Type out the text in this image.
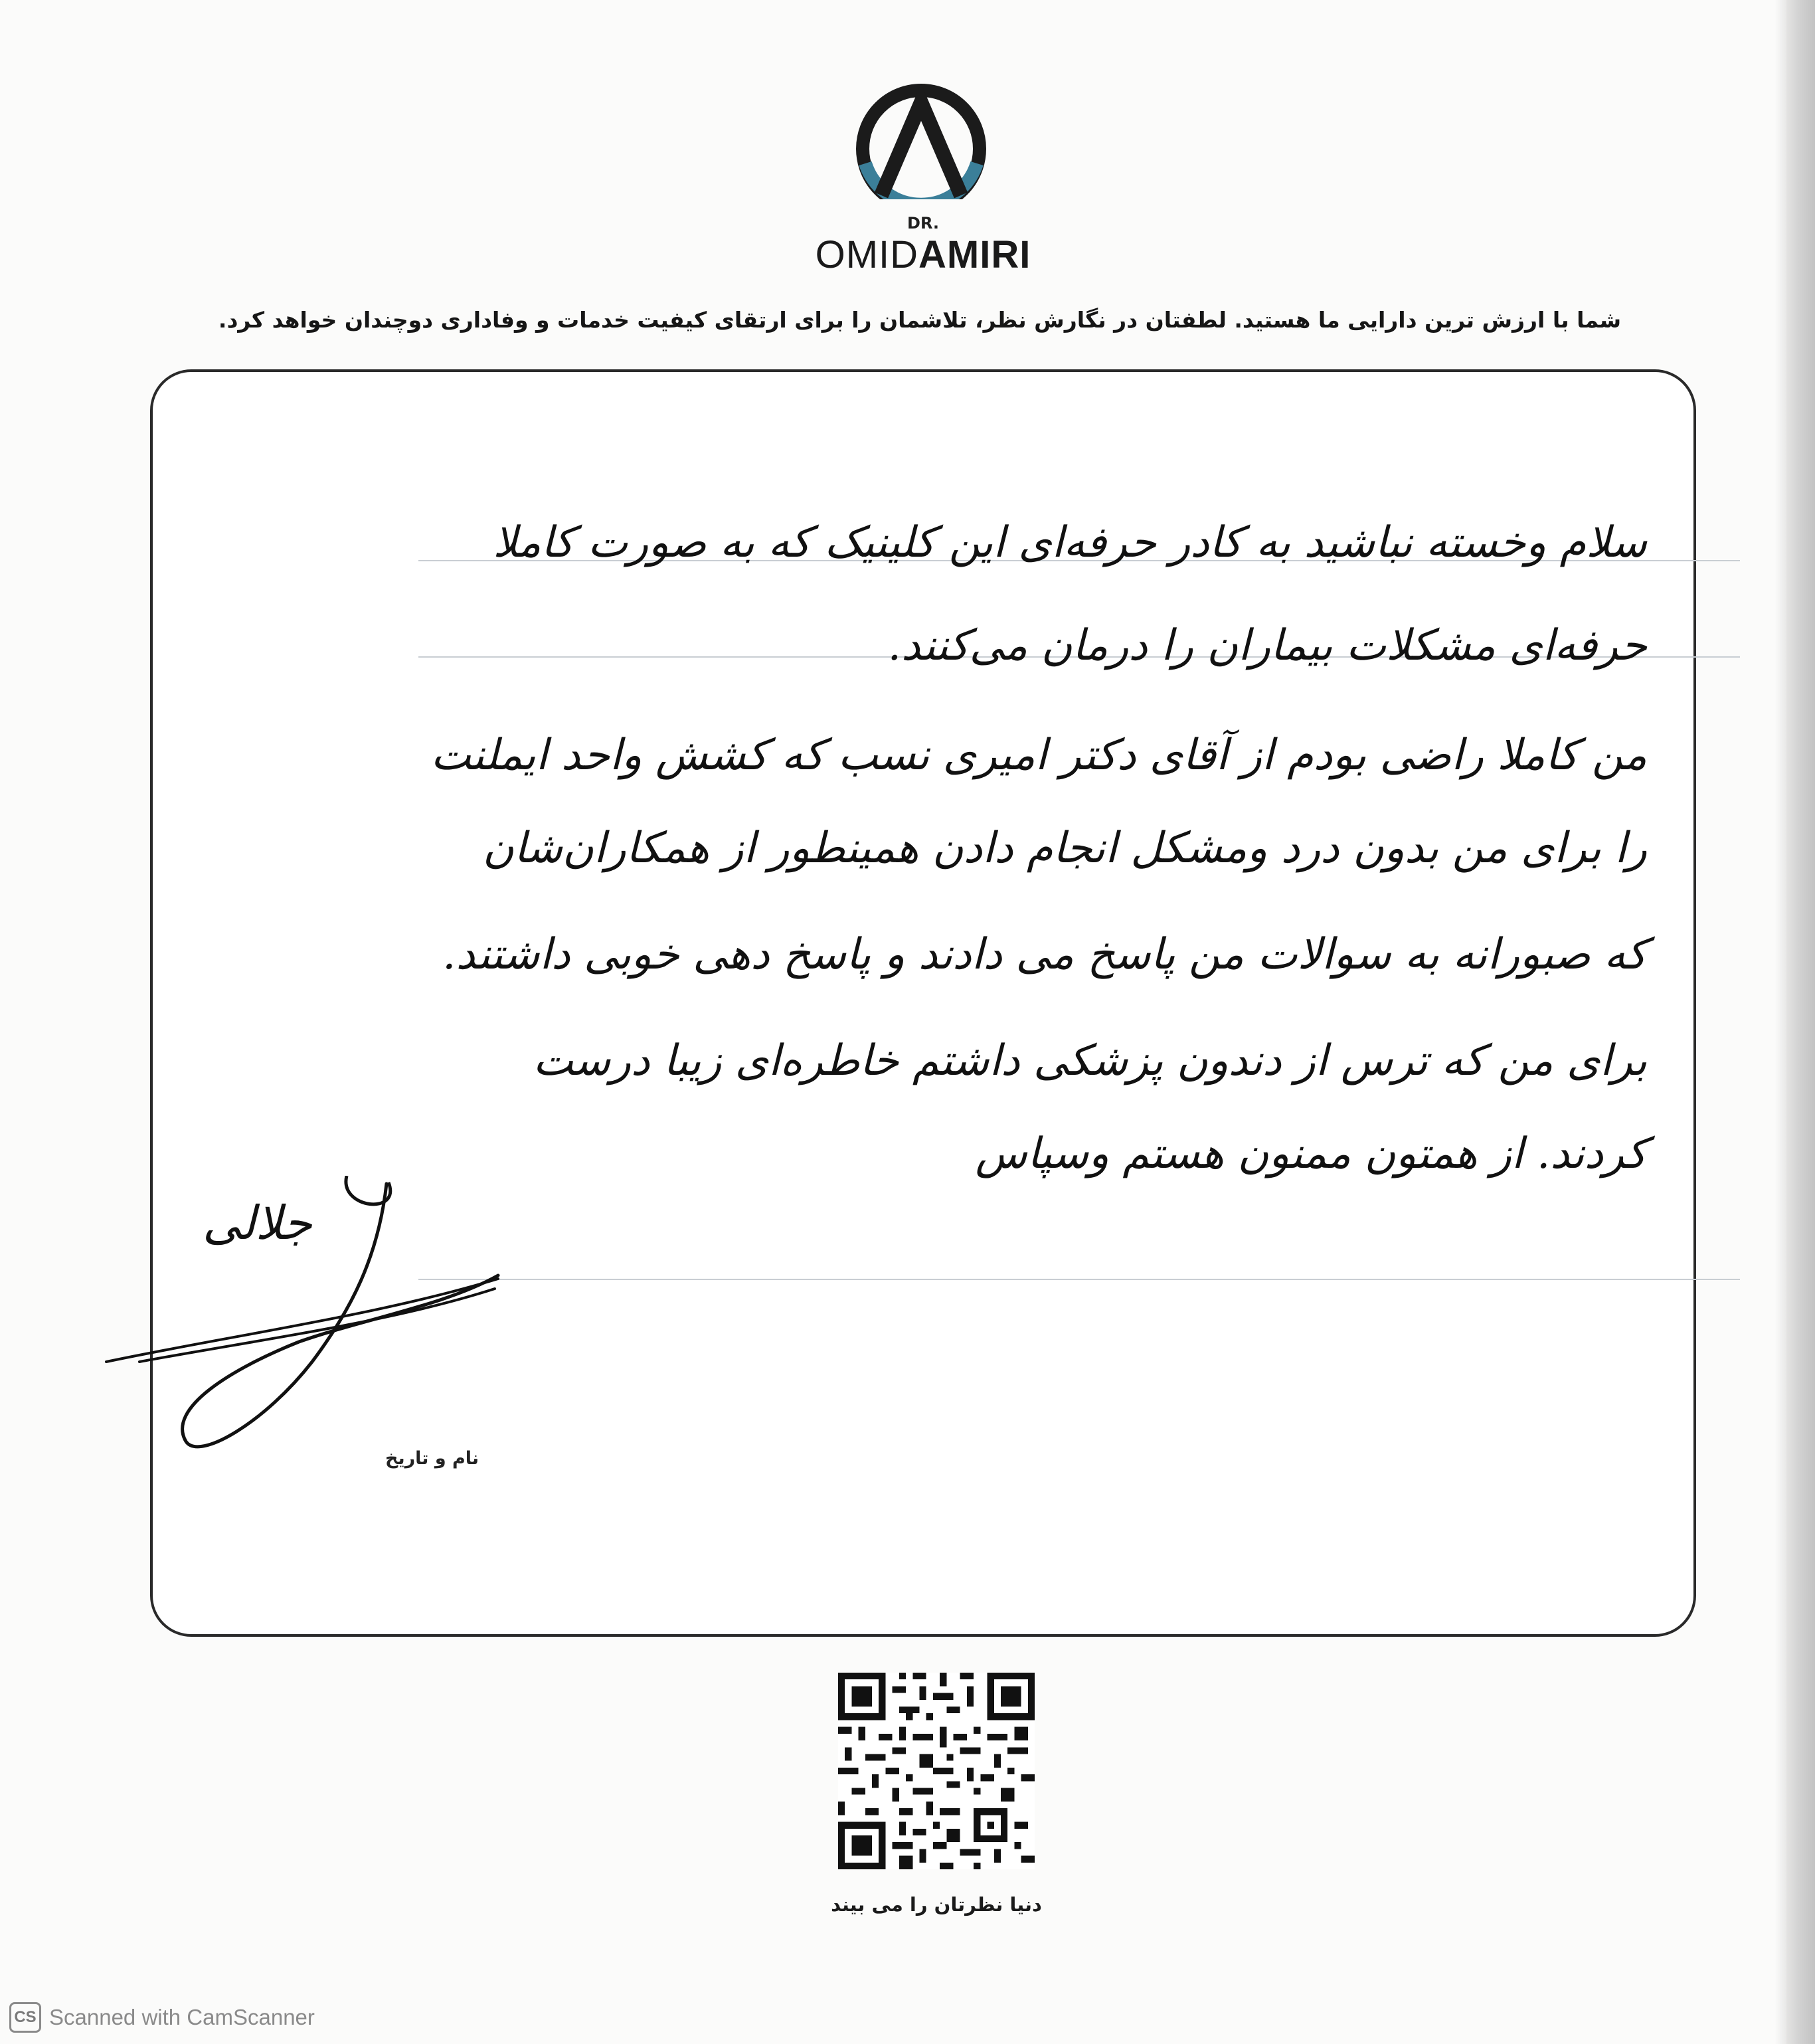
DR.
OMIDAMIRI
شما با ارزش ترین دارایی ما هستید. لطفتان در نگارش نظر، تلاشمان را برای ارتقای کیفیت خدمات و وفاداری دوچندان خواهد کرد.
سلام وخسته نباشید به کادر حرفه‌ای این کلینیک که به صورت کاملا
حرفه‌ای مشکلات بیماران را درمان می‌کنند.
من کاملا راضی بودم از آقای دکتر امیری نسب که کشش واحد ایملنت
را برای من بدون درد ومشکل انجام دادن همینطور از همکاران‌شان
که صبورانه به سوالات من پاسخ می دادند و پاسخ دهی خوبی داشتند.
برای من که ترس از دندون پزشکی داشتم خاطره‌ای زیبا درست
کردند. از همتون ممنون هستم وسپاس
جلالی
نام و تاریخ
دنیا نظرتان را می بیند
CS Scanned with CamScanner
